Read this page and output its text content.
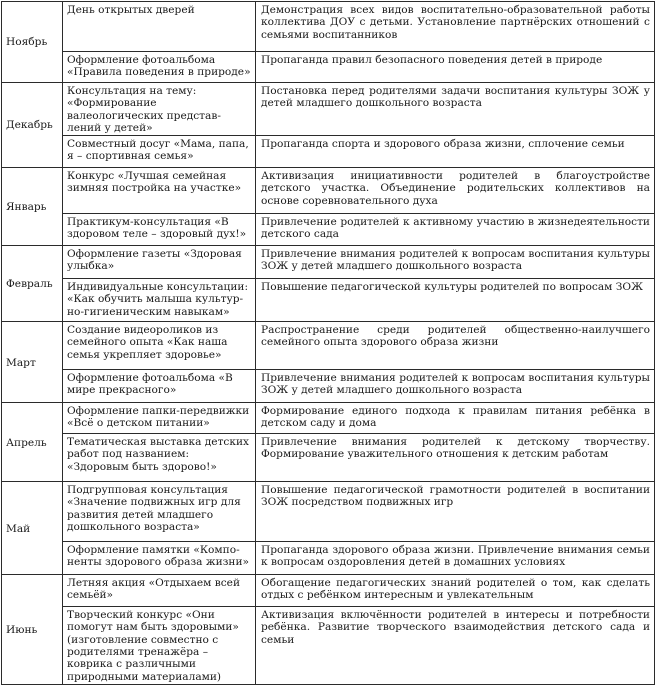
Ноябрь	День открытых дверей	Демонстрация всех видов воспитательно-образовательной работы коллектива ДОУ с детьми. Установление партнёрских отношений с семьями воспитанников
	Оформление фотоальбома «Правила поведения в природе»	Пропаганда правил безопасного поведения детей в природе
Декабрь	Консультация на тему: «Формирование валеологических представлений у детей»	Постановка перед родителями задачи воспитания культуры ЗОЖ у детей младшего дошкольного возраста
	Совместный досуг «Мама, папа, я – спортивная семья»	Пропаганда спорта и здорового образа жизни, сплочение семьи
Январь	Конкурс «Лучшая семейная зимняя постройка на участке»	Активизация инициативности родителей в благоустройстве детского участка. Объединение родительских коллективов на основе соревновательного духа
	Практикум-консультация «В здоровом теле – здоровый дух!»	Привлечение родителей к активному участию в жизнедеятельности детского сада
Февраль	Оформление газеты «Здоровая улыбка»	Привлечение внимания родителей к вопросам воспитания культуры ЗОЖ у детей младшего дошкольного возраста
	Индивидуальные консультации: «Как обучить малыша культурно-гигиеническим навыкам»	Повышение педагогической культуры родителей по вопросам ЗОЖ
Март	Создание видеороликов из семейного опыта «Как наша семья укрепляет здоровье»	Распространение среди родителей общественно-наилучшего семейного опыта здорового образа жизни
	Оформление фотоальбома «В мире прекрасного»	Привлечение внимания родителей к вопросам воспитания культуры ЗОЖ у детей младшего дошкольного возраста
Апрель	Оформление папки-передвижки «Всё о детском питании»	Формирование единого подхода к правилам питания ребёнка в детском саду и дома
	Тематическая выставка детских работ под названием: «Здоровым быть здорово!»	Привлечение внимания родителей к детскому творчеству. Формирование уважительного отношения к детским работам
Май	Подгрупповая консультация «Значение подвижных игр для развития детей младшего дошкольного возраста»	Повышение педагогической грамотности родителей в воспитании ЗОЖ посредством подвижных игр
	Оформление памятки «Компоненты здорового образа жизни»	Пропаганда здорового образа жизни. Привлечение внимания семьи к вопросам оздоровления детей в домашних условиях
Июнь	Летняя акция «Отдыхаем всей семьёй»	Обогащение педагогических знаний родителей о том, как сделать отдых с ребёнком интересным и увлекательным
	Творческий конкурс «Они помогут нам быть здоровыми» (изготовление совместно с родителями тренажёра – коврика с различными природными материалами)	Активизация включённости родителей в интересы и потребности ребёнка. Развитие творческого взаимодействия детского сада и семьи
